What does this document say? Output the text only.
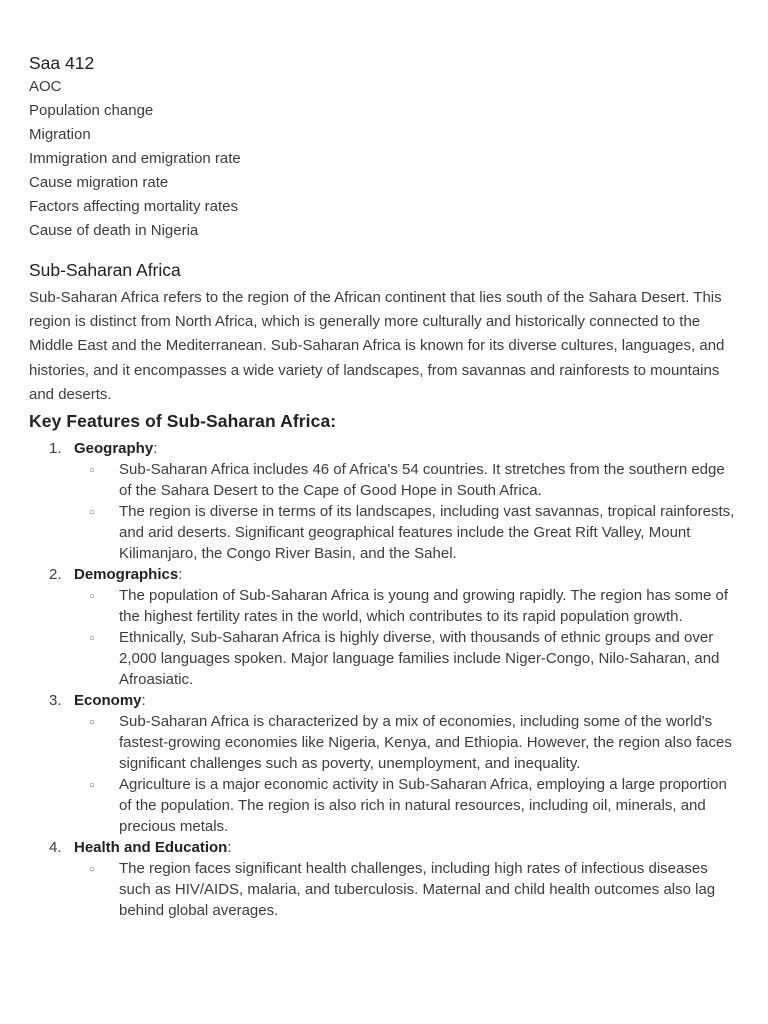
Saa 412
AOC
Population change
Migration
Immigration and emigration rate
Cause migration rate
Factors affecting mortality rates
Cause of death in Nigeria
Sub-Saharan Africa

Sub-Saharan Africa refers to the region of the African continent that lies south of the Sahara Desert. This region is distinct from North Africa, which is generally more culturally and historically connected to the Middle East and the Mediterranean. Sub-Saharan Africa is known for its diverse cultures, languages, and histories, and it encompasses a wide variety of landscapes, from savannas and rainforests to mountains and deserts.

Key Features of Sub-Saharan Africa:
1. Geography:
○ Sub-Saharan Africa includes 46 of Africa's 54 countries. It stretches from the southern edge of the Sahara Desert to the Cape of Good Hope in South Africa.
○ The region is diverse in terms of its landscapes, including vast savannas, tropical rainforests, and arid deserts. Significant geographical features include the Great Rift Valley, Mount Kilimanjaro, the Congo River Basin, and the Sahel.
2. Demographics:
○ The population of Sub-Saharan Africa is young and growing rapidly. The region has some of the highest fertility rates in the world, which contributes to its rapid population growth.
○ Ethnically, Sub-Saharan Africa is highly diverse, with thousands of ethnic groups and over 2,000 languages spoken. Major language families include Niger-Congo, Nilo-Saharan, and Afroasiatic.
3. Economy:
○ Sub-Saharan Africa is characterized by a mix of economies, including some of the world's fastest-growing economies like Nigeria, Kenya, and Ethiopia. However, the region also faces significant challenges such as poverty, unemployment, and inequality.
○ Agriculture is a major economic activity in Sub-Saharan Africa, employing a large proportion of the population. The region is also rich in natural resources, including oil, minerals, and precious metals.
4. Health and Education:
○ The region faces significant health challenges, including high rates of infectious diseases such as HIV/AIDS, malaria, and tuberculosis. Maternal and child health outcomes also lag behind global averages.
